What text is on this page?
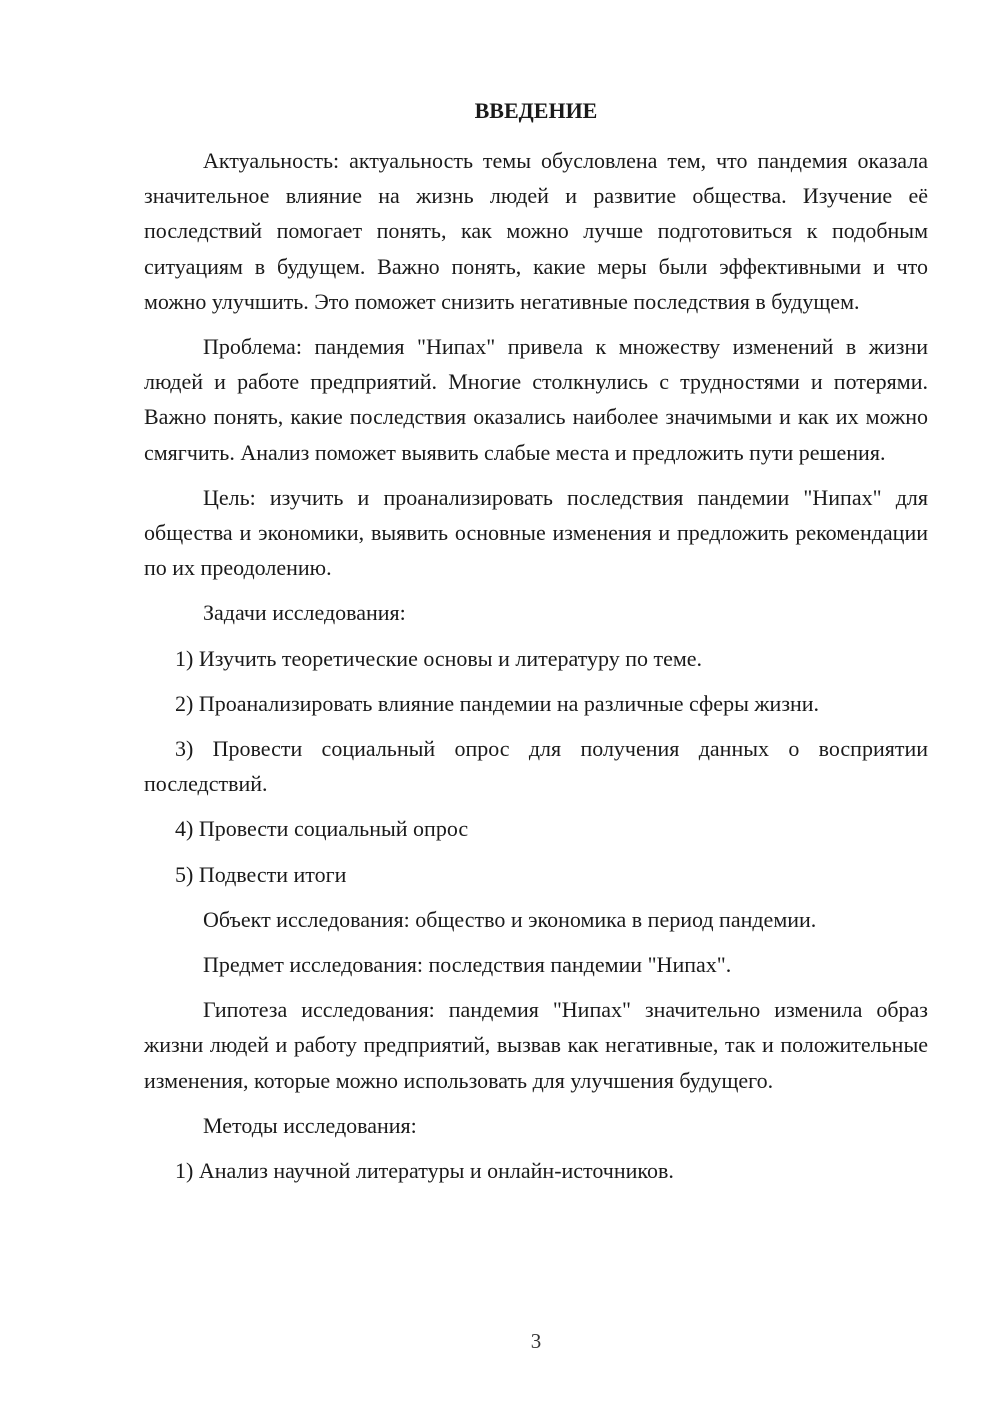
ВВЕДЕНИЕ

Актуальность: актуальность темы обусловлена тем, что пандемия оказала значительное влияние на жизнь людей и развитие общества. Изучение её последствий помогает понять, как можно лучше подготовиться к подобным ситуациям в будущем. Важно понять, какие меры были эффективными и что можно улучшить. Это поможет снизить негативные последствия в будущем.

Проблема: пандемия "Нипах" привела к множеству изменений в жизни людей и работе предприятий. Многие столкнулись с трудностями и потерями. Важно понять, какие последствия оказались наиболее значимыми и как их можно смягчить. Анализ поможет выявить слабые места и предложить пути решения.

Цель: изучить и проанализировать последствия пандемии "Нипах" для общества и экономики, выявить основные изменения и предложить рекомендации по их преодолению.

Задачи исследования:

1) Изучить теоретические основы и литературу по теме.

2) Проанализировать влияние пандемии на различные сферы жизни.

3) Провести социальный опрос для получения данных о восприятии последствий.

4) Провести социальный опрос

5) Подвести итоги

Объект исследования: общество и экономика в период пандемии.

Предмет исследования: последствия пандемии "Нипах".

Гипотеза исследования: пандемия "Нипах" значительно изменила образ жизни людей и работу предприятий, вызвав как негативные, так и положительные изменения, которые можно использовать для улучшения будущего.

Методы исследования:

1) Анализ научной литературы и онлайн-источников.

3
